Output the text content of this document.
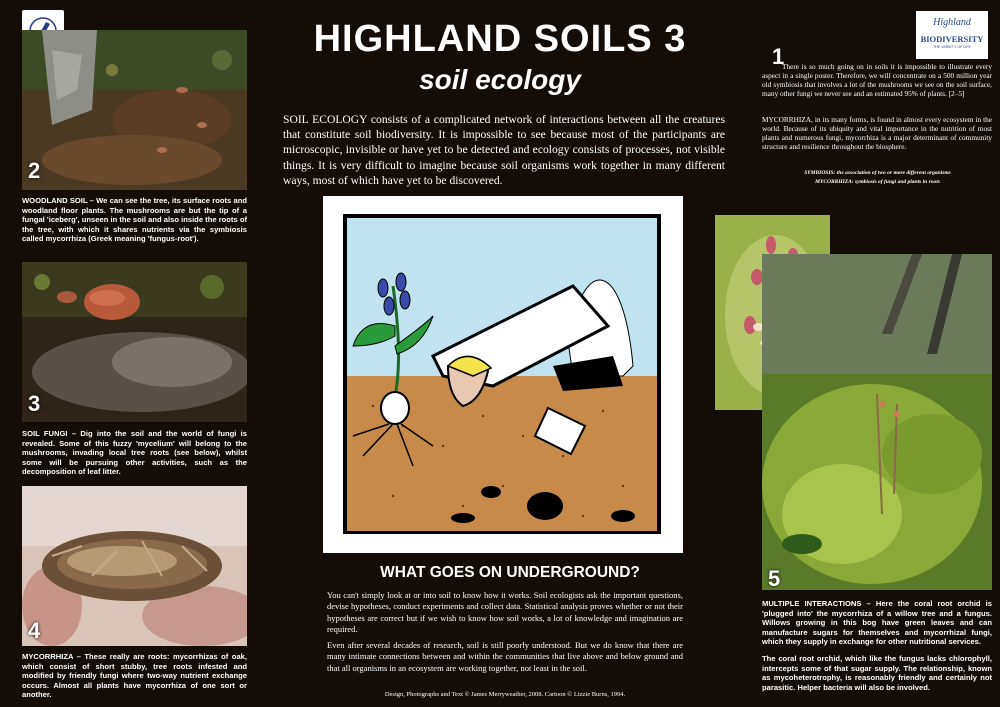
Highland
BIODIVERSITY
THE VARIETY OF LIFE
HIGHLAND SOILS 3
soil ecology
SOIL ECOLOGY consists of a complicated network of interactions between all the creatures that constitute soil biodiversity. It is impossible to see because most of the participants are microscopic, invisible or have yet to be detected and ecology consists of processes, not visible things. It is very difficult to imagine because soil organisms work together in many different ways, most of which have yet to be discovered.
2
WOODLAND SOIL – We can see the tree, its surface roots and woodland floor plants. The mushrooms are but the tip of a fungal 'iceberg', unseen in the soil and also inside the roots of the tree, with which it shares nutrients via the symbiosis called mycorrhiza (Greek meaning 'fungus-root').
3
SOIL FUNGI – Dig into the soil and the world of fungi is revealed. Some of this fuzzy 'mycelium' will belong to the mushrooms, invading local tree roots (see below), whilst some will be pursuing other activities, such as the decomposition of leaf litter.
4
MYCORRHIZA – These really are roots: mycorrhizas of oak, which consist of short stubby, tree roots infested and modified by friendly fungi where two-way nutrient exchange occurs. Almost all plants have mycorrhiza of one sort or another.
WHAT GOES ON UNDERGROUND?
You can't simply look at or into soil to know how it works. Soil ecologists ask the important questions, devise hypotheses, conduct experiments and collect data. Statistical analysis proves whether or not their hypotheses are correct but if we wish to know how soil works, a lot of knowledge and imagination are required.
Even after several decades of research, soil is still poorly understood. But we do know that there are many intimate connections between and within the communities that live above and below ground and that all organisms in an ecosystem are working together, not least in the soil.
Design, Photographs and Text © James Merryweather, 2008. Cartoon © Lizzie Burns, 1994.
1
There is so much going on in soils it is impossible to illustrate every aspect in a single poster. Therefore, we will concentrate on a 500 million year old symbiosis that involves a lot of the mushrooms we see on the soil surface, many other fungi we never see and an estimated 95% of plants. [2–5]
MYCORRHIZA, in its many forms, is found in almost every ecosystem in the world. Because of its ubiquity and vital importance in the nutrition of most plants and numerous fungi, mycorrhiza is a major determinant of community structure and resilience throughout the biosphere.
SYMBIOSIS: the association of two or more different organisms
MYCORRHIZA: symbiosis of fungi and plants in roots
5
MULTIPLE INTERACTIONS – Here the coral root orchid is 'plugged into' the mycorrhiza of a willow tree and a fungus. Willows growing in this bog have green leaves and can manufacture sugars for themselves and mycorrhizal fungi, which they supply in exchange for other nutritional services.
The coral root orchid, which like the fungus lacks chlorophyll, intercepts some of that sugar supply. The relationship, known as mycoheterotrophy, is reasonably friendly and certainly not parasitic. Helper bacteria will also be involved.
